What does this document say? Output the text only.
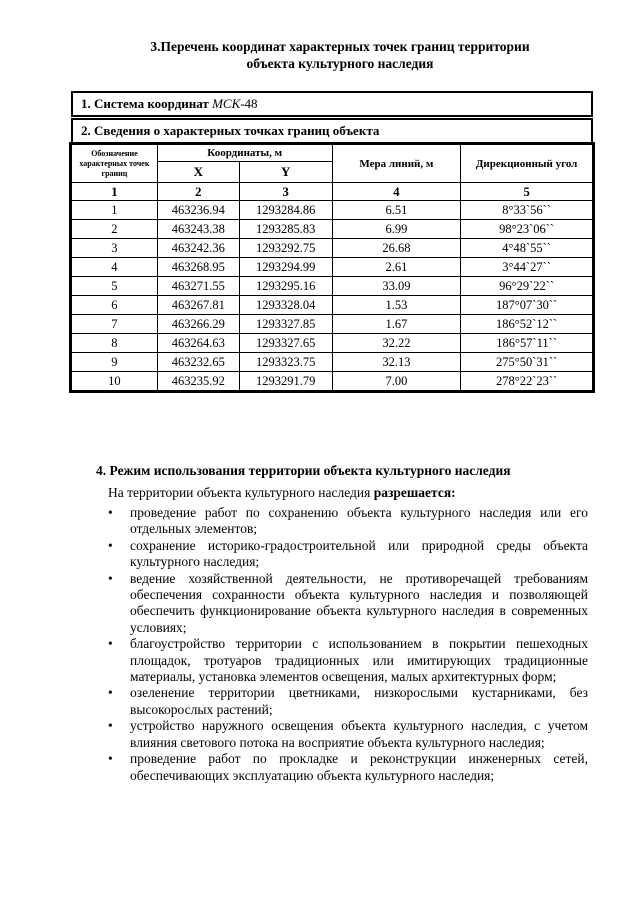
3.Перечень координат характерных точек границ территории
объекта культурного наследия
1. Система координат МСК-48
2. Сведения о характерных точках границ объекта
Обозначение характерных точек границ	Координаты, м		Мера линий, м	Дирекционный угол
	X	Y		
1	2	3	4	5
1	463236.94	1293284.86	6.51	8°33`56``
2	463243.38	1293285.83	6.99	98°23`06``
3	463242.36	1293292.75	26.68	4°48`55``
4	463268.95	1293294.99	2.61	3°44`27``
5	463271.55	1293295.16	33.09	96°29`22``
6	463267.81	1293328.04	1.53	187°07`30``
7	463266.29	1293327.85	1.67	186°52`12``
8	463264.63	1293327.65	32.22	186°57`11``
9	463232.65	1293323.75	32.13	275°50`31``
10	463235.92	1293291.79	7.00	278°22`23``
4. Режим использования территории объекта культурного наследия
На территории объекта культурного наследия разрешается:
• проведение работ по сохранению объекта культурного наследия или его отдельных элементов;
• сохранение историко-градостроительной или природной среды объекта культурного наследия;
• ведение хозяйственной деятельности, не противоречащей требованиям обеспечения сохранности объекта культурного наследия и позволяющей обеспечить функционирование объекта культурного наследия в современных условиях;
• благоустройство территории с использованием в покрытии пешеходных площадок, тротуаров традиционных или имитирующих традиционные материалы, установка элементов освещения, малых архитектурных форм;
• озеленение территории цветниками, низкорослыми кустарниками, без высокорослых растений;
• устройство наружного освещения объекта культурного наследия, с учетом влияния светового потока на восприятие объекта культурного наследия;
• проведение работ по прокладке и реконструкции инженерных сетей, обеспечивающих эксплуатацию объекта культурного наследия;
